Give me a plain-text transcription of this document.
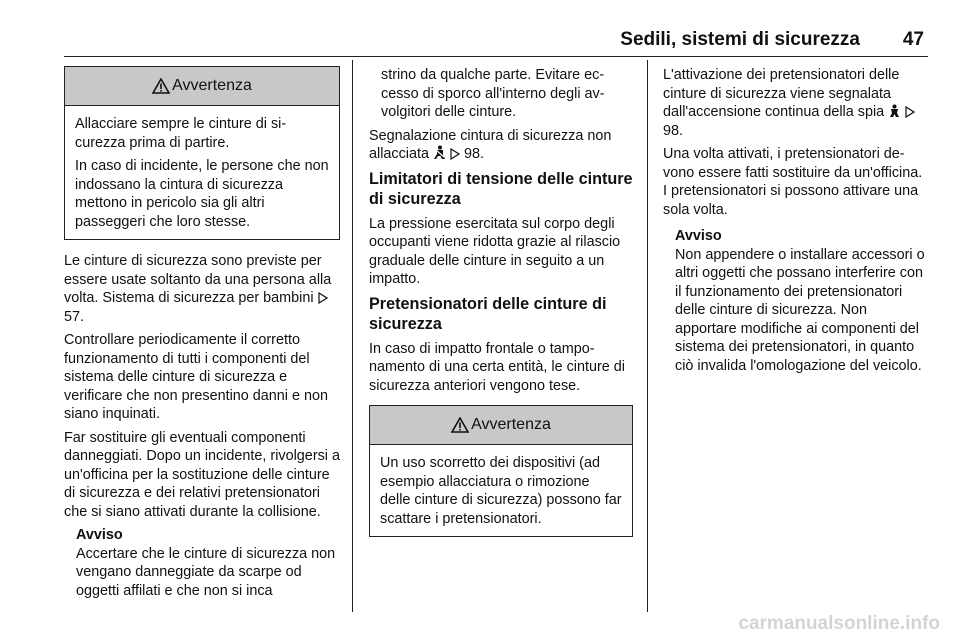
Sedili, sistemi di sicurezza	47
Avvertenza

Allacciare sempre le cinture di sicurezza prima di partire.

In caso di incidente, le persone che non indossano la cintura di sicurezza mettono in pericolo sia gli altri passeggeri che loro stesse.

Le cinture di sicurezza sono previste per essere usate soltanto da una persona alla volta. Sistema di sicurezza per bambini  57.

Controllare periodicamente il corretto funzionamento di tutti i componenti del sistema delle cinture di sicurezza e verificare che non presentino danni e non siano inquinati.

Far sostituire gli eventuali componenti danneggiati. Dopo un incidente, rivolgersi a un'officina per la sostituzione delle cinture di sicurezza e dei relativi pretensionatori che si siano attivati durante la collisione.

Avviso
Accertare che le cinture di sicurezza non vengano danneggiate da scarpe od oggetti affilati e che non si inca

strino da qualche parte. Evitare eccesso di sporco all'interno degli avvolgitori delle cinture.

Segnalazione cintura di sicurezza non allacciata 98.

Limitatori di tensione delle cinture di sicurezza

La pressione esercitata sul corpo degli occupanti viene ridotta grazie al rilascio graduale delle cinture in seguito a un impatto.

Pretensionatori delle cinture di sicurezza

In caso di impatto frontale o tamponamento di una certa entità, le cinture di sicurezza anteriori vengono tese.

Avvertenza

Un uso scorretto dei dispositivi (ad esempio allacciatura o rimozione delle cinture di sicurezza) possono far scattare i pretensionatori.

L'attivazione dei pretensionatori delle cinture di sicurezza viene segnalata dall'accensione continua della spia   98.

Una volta attivati, i pretensionatori devono essere fatti sostituire da un'officina. I pretensionatori si possono attivare una sola volta.

Avviso
Non appendere o installare accessori o altri oggetti che possano interferire con il funzionamento dei pretensionatori delle cinture di sicurezza. Non apportare modifiche ai componenti del sistema dei pretensionatori, in quanto ciò invalida l'omologazione del veicolo.
carmanualsonline.info
